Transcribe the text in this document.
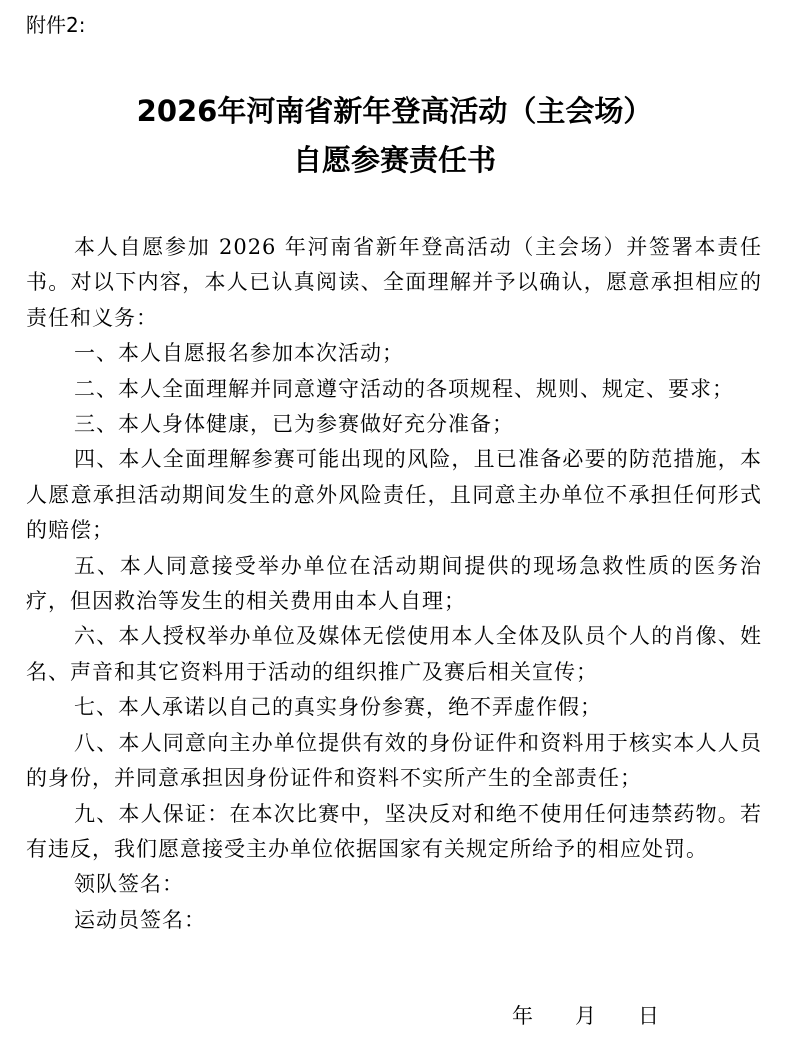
附件2:
2026年河南省新年登高活动（主会场）
自愿参赛责任书

本人自愿参加 2026 年河南省新年登高活动（主会场）并签署本责任书。对以下内容，本人已认真阅读、全面理解并予以确认，愿意承担相应的责任和义务：

一、本人自愿报名参加本次活动；

二、本人全面理解并同意遵守活动的各项规程、规则、规定、要求；

三、本人身体健康，已为参赛做好充分准备；

四、本人全面理解参赛可能出现的风险，且已准备必要的防范措施，本人愿意承担活动期间发生的意外风险责任，且同意主办单位不承担任何形式的赔偿；

五、本人同意接受举办单位在活动期间提供的现场急救性质的医务治疗，但因救治等发生的相关费用由本人自理；

六、本人授权举办单位及媒体无偿使用本人全体及队员个人的肖像、姓名、声音和其它资料用于活动的组织推广及赛后相关宣传；

七、本人承诺以自己的真实身份参赛，绝不弄虚作假；

八、本人同意向主办单位提供有效的身份证件和资料用于核实本人人员的身份，并同意承担因身份证件和资料不实所产生的全部责任；

九、本人保证：在本次比赛中，坚决反对和绝不使用任何违禁药物。若有违反，我们愿意接受主办单位依据国家有关规定所给予的相应处罚。

领队签名：

运动员签名：

年 月 日
